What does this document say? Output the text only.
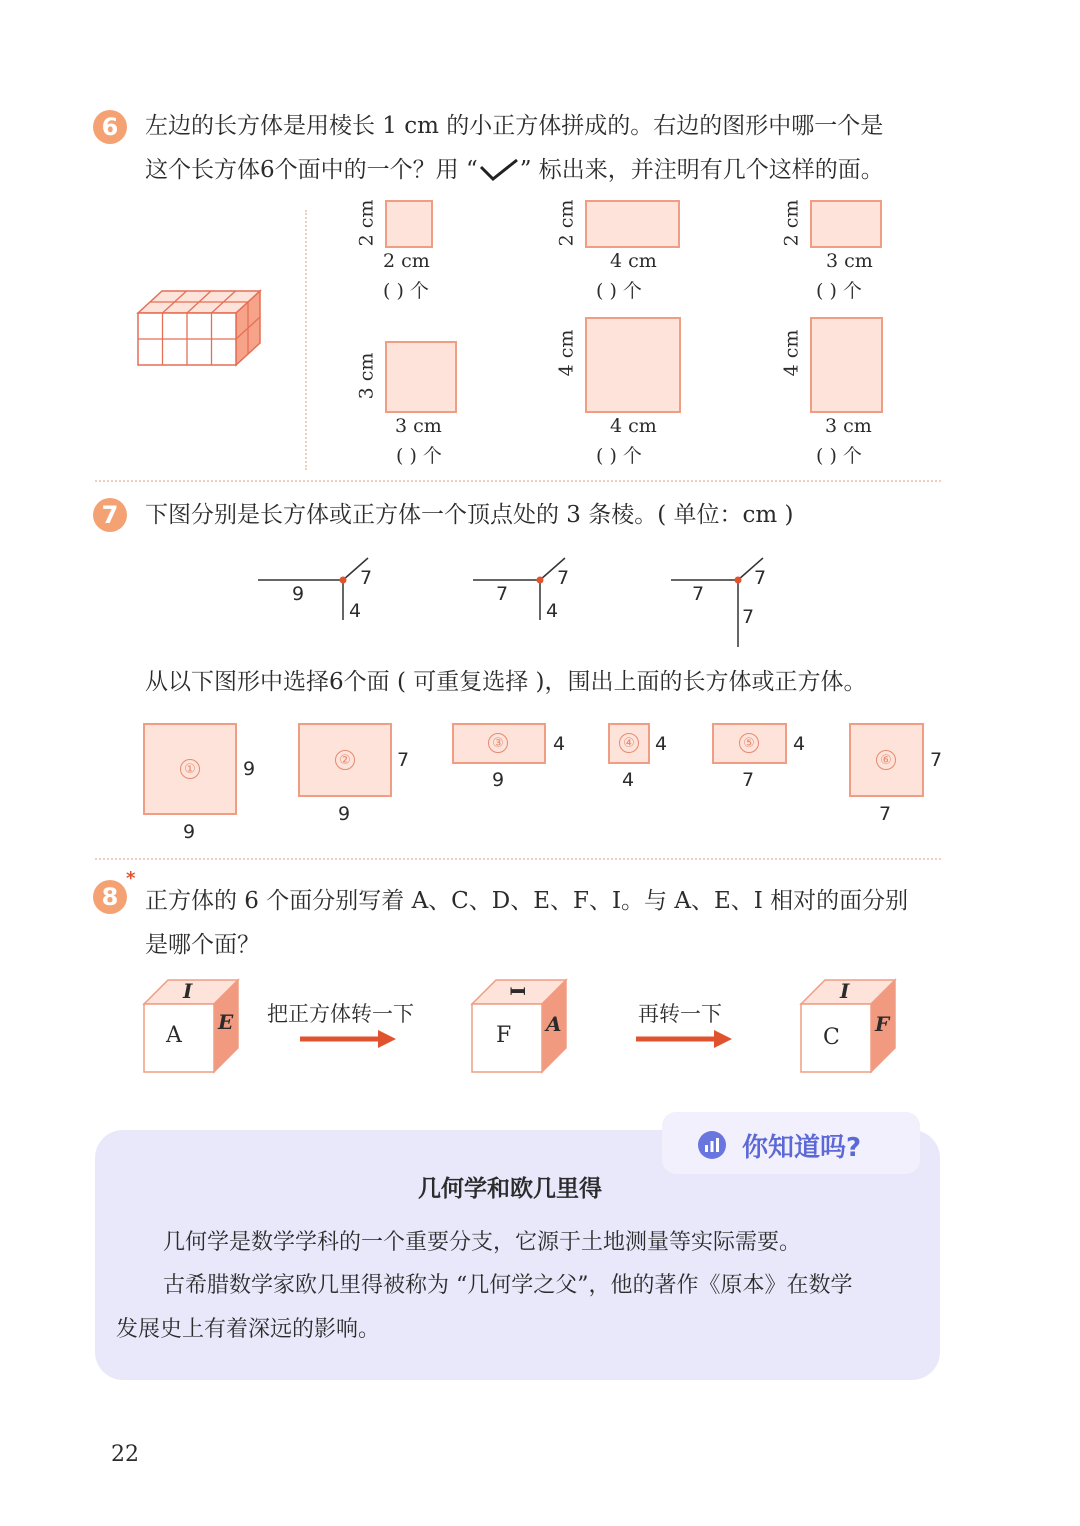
6	左边的长方体是用棱长 1 cm 的小正方体拼成的。右边的图形中哪一个是
这个长方体6个面中的一个？用 “ ” 标出来，并注明有几个这样的面。
2 cm
2 cm
( ) 个
2 cm
4 cm
( ) 个
2 cm
3 cm
( ) 个
3 cm
3 cm
( ) 个
4 cm
4 cm
( ) 个
4 cm
3 cm
( ) 个
7	下图分别是长方体或正方体一个顶点处的 3 条棱。( 单位：cm )
9
7
4
7
7
4
7
7
7
从以下图形中选择6个面 ( 可重复选择 )，围出上面的长方体或正方体。
① 9
9
② 7
9
③	4
9
④ 4
4
⑤ 4
7
⑥ 7
7
8
*
正方体的 6 个面分别写着 A、C、D、E、F、I。与 A、E、I 相对的面分别
是哪个面？
A
I
E 把正方体转一下
F
I
A	再转一下
C
I
F
你知道吗?
几何学和欧几里得
几何学是数学学科的一个重要分支，它源于土地测量等实际需要。
古希腊数学家欧几里得被称为 “几何学之父”，他的著作《原本》在数学
发展史上有着深远的影响。
22
